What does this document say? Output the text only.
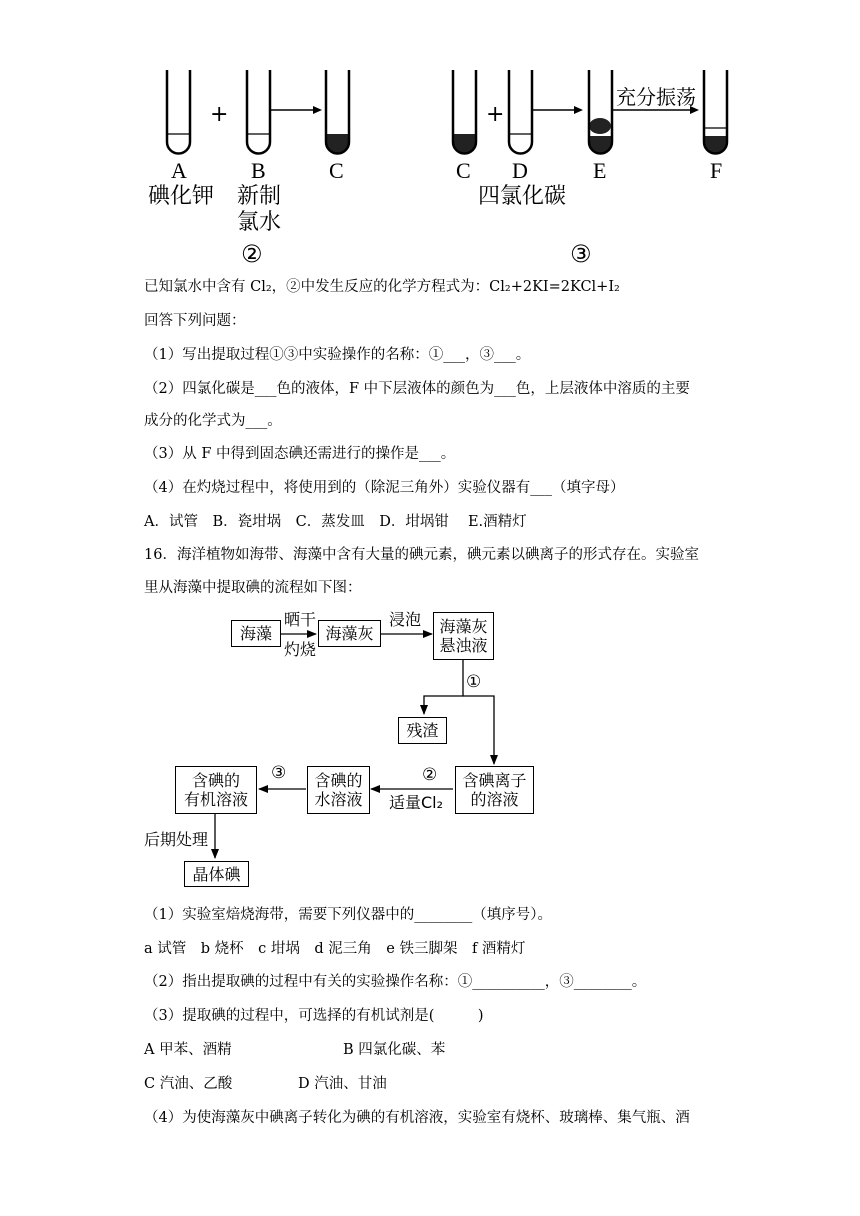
+
A	B	C
碘化钾 新制
氯水
②
+
充分振荡
C D	E	F
四氯化碳
③
已知氯水中含有 Cl₂，②中发生反应的化学方程式为：Cl₂+2KI=2KCl+I₂
回答下列问题：
（1）写出提取过程①③中实验操作的名称：①___，③___。
（2）四氯化碳是___色的液体，F 中下层液体的颜色为___色，上层液体中溶质的主要
成分的化学式为___。
（3）从 F 中得到固态碘还需进行的操作是___。
（4）在灼烧过程中，将使用到的（除泥三角外）实验仪器有___（填字母）
A．试管　B．瓷坩埚　C．蒸发皿　D．坩埚钳　 E.酒精灯
16．海洋植物如海带、海藻中含有大量的碘元素，碘元素以碘离子的形式存在。实验室
里从海藻中提取碘的流程如下图：
海藻	海藻灰	海藻灰
悬浊液
残渣
含碘离子
的溶液
含碘的
水溶液
含碘的
有机溶液
晶体碘
晒干
灼烧
浸泡
①
②
③
适量Cl₂
后期处理
（1）实验室焙烧海带，需要下列仪器中的________（填序号）。
a 试管　b 烧杯　c 坩埚　d 泥三角　e 铁三脚架　f 酒精灯
（2）指出提取碘的过程中有关的实验操作名称：①__________，③________。
（3）提取碘的过程中，可选择的有机试剂是(　　　)
A 甲苯、酒精	B 四氯化碳、苯
C 汽油、乙酸	D 汽油、甘油
（4）为使海藻灰中碘离子转化为碘的有机溶液，实验室有烧杯、玻璃棒、集气瓶、酒
